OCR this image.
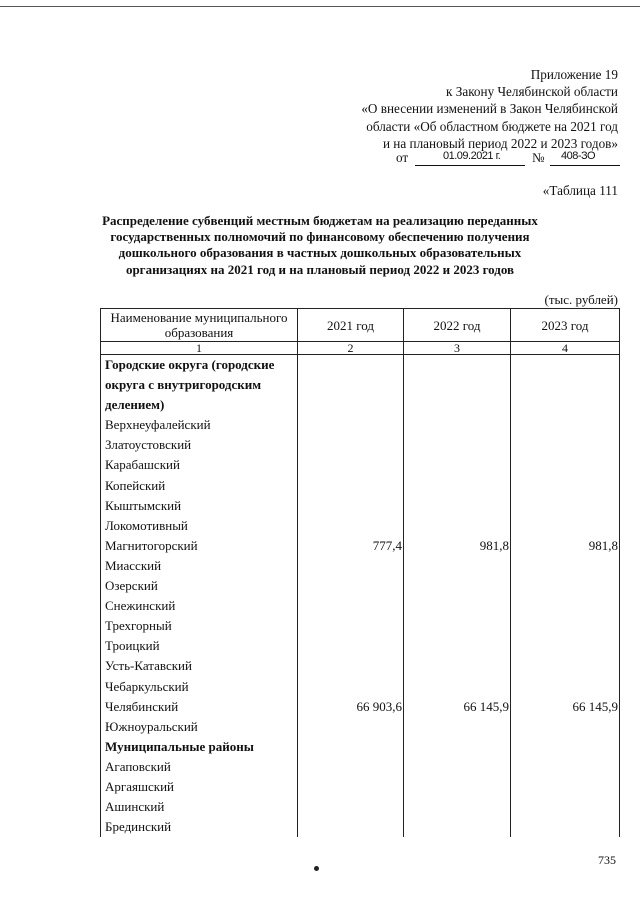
Приложение 19
к Закону Челябинской области
«О внесении изменений в Закон Челябинской
области «Об областном бюджете на 2021 год
и на плановый период 2022 и 2023 годов»
от	01.09.2021 г. № 408-ЗО
«Таблица 111
Распределение субвенций местным бюджетам на реализацию переданных
государственных полномочий по финансовому обеспечению получения
дошкольного образования в частных дошкольных образовательных
организациях на 2021 год и на плановый период 2022 и 2023 годов
(тыс. рублей)
Наименование муниципального образования	2021 год	2022 год	2023 год
1	2	3	4
Городские округа (городские			
округа с внутригородским			
делением)			
Верхнеуфалейский			
Златоустовский			
Карабашский			
Копейский			
Кыштымский			
Локомотивный			
Магнитогорский	777,4	981,8	981,8
Миасский			
Озерский			
Снежинский			
Трехгорный			
Троицкий			
Усть-Катавский			
Чебаркульский			
Челябинский	66 903,6	66 145,9	66 145,9
Южноуральский			
Муниципальные районы			
Агаповский			
Аргаяшский			
Ашинский			
Брединский			
735
